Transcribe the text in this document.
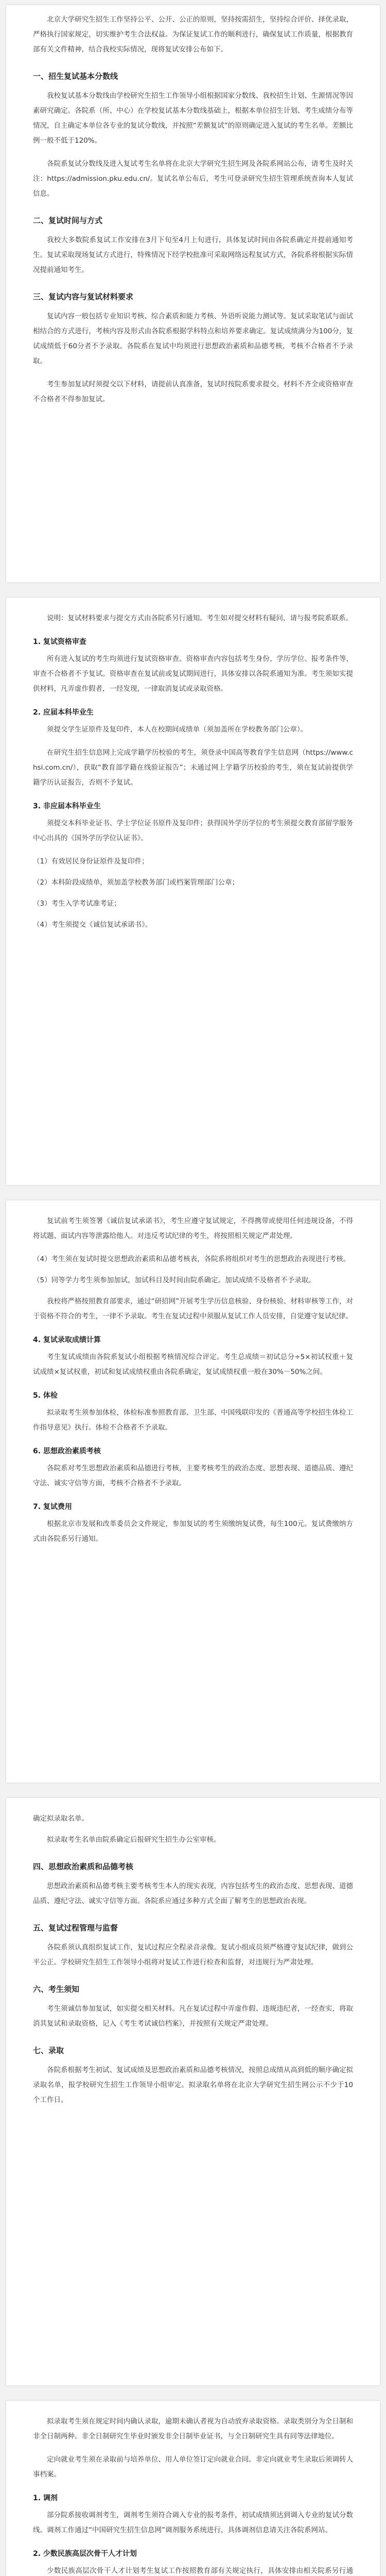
北京大学研究生招生工作坚持公平、公开、公正的原则，坚持按需招生，坚持综合评价、择优录取，严格执行国家规定，切实维护考生合法权益。为保证复试工作的顺利进行，确保复试工作质量，根据教育部有关文件精神，结合我校实际情况，现将复试安排公布如下。

一、招生复试基本分数线

我校复试基本分数线由学校研究生招生工作领导小组根据国家分数线、我校招生计划、生源情况等因素研究确定。各院系（所、中心）在学校复试基本分数线基础上，根据本单位招生计划、考生成绩分布等情况，自主确定本单位各专业的复试分数线，并按照“差额复试”的原则确定进入复试的考生名单。差额比例一般不低于120%。

各院系复试分数线及进入复试考生名单将在北京大学研究生招生网及各院系网站公布，请考生及时关注：https://admission.pku.edu.cn/。复试名单公布后，考生可登录研究生招生管理系统查询本人复试信息。

二、复试时间与方式

我校大多数院系复试工作安排在3月下旬至4月上旬进行，具体复试时间由各院系确定并提前通知考生。复试采取现场复试方式进行，特殊情况下经学校批准可采取网络远程复试方式，各院系将根据实际情况提前通知考生。

三、复试内容与复试材料要求

复试内容一般包括专业知识考核、综合素质和能力考核、外语听说能力测试等。复试采取笔试与面试相结合的方式进行，考核内容及形式由各院系根据学科特点和培养要求确定。复试成绩满分为100分，复试成绩低于60分者不予录取。各院系在复试中均须进行思想政治素质和品德考核，考核不合格者不予录取。

考生参加复试时须提交以下材料，请提前认真准备，复试时按院系要求提交。材料不齐全或资格审查不合格者不得参加复试。

说明：复试材料要求与提交方式由各院系另行通知。考生如对提交材料有疑问，请与报考院系联系。

1. 复试资格审查

所有进入复试的考生均须进行复试资格审查。资格审查内容包括考生身份、学历学位、报考条件等，审查不合格者不予复试。资格审查在复试前或复试期间进行，具体安排以各院系通知为准。考生须如实提供材料，凡弄虚作假者，一经发现，一律取消复试或录取资格。

2. 应届本科毕业生

须提交学生证原件及复印件，本人在校期间成绩单（须加盖所在学校教务部门公章）。

在研究生招生信息网上完成学籍学历校验的考生，须登录中国高等教育学生信息网（https://www.chsi.com.cn/），获取“教育部学籍在线验证报告”；未通过网上学籍学历校验的考生，须在复试前提供学籍学历认证报告，否则不予复试。

3. 非应届本科毕业生

须提交本科毕业证书、学士学位证书原件及复印件；获得国外学历学位的考生须提交教育部留学服务中心出具的《国外学历学位认证书》。

（1）有效居民身份证原件及复印件；

（2）本科阶段成绩单，须加盖学校教务部门或档案管理部门公章；

（3）考生入学考试准考证；

（4）考生须提交《诚信复试承诺书》。

复试前考生须签署《诚信复试承诺书》，考生应遵守复试规定，不得携带或使用任何违规设备，不得将试题、面试内容等泄露给他人。对违反考试纪律的考生，将按照相关规定严肃处理。

（4）考生须在复试时提交思想政治素质和品德考核表，各院系将组织对考生的思想政治表现进行考核。

（5）同等学力考生须参加加试，加试科目及时间由院系确定。加试成绩不及格者不予录取。

我校将严格按照教育部要求，通过“研招网”开展考生学历信息核验、身份核验、材料审核等工作，对于资格不符合的考生，一律不予录取。考生在复试过程中须服从复试工作人员安排，自觉遵守复试纪律。

4. 复试录取成绩计算

考生复试成绩由各院系复试小组根据考核情况综合评定。考生总成绩＝初试总分÷5×初试权重＋复试成绩×复试权重，初试和复试成绩权重由各院系确定，复试成绩权重一般在30%－50%之间。

5. 体检

拟录取考生须参加体检，体检标准参照教育部、卫生部、中国残联印发的《普通高等学校招生体检工作指导意见》执行。体检不合格者不予录取。

6. 思想政治素质考核

各院系对考生思想政治素质和品德进行考核，主要考核考生的政治态度、思想表现、道德品质、遵纪守法、诚实守信等方面，考核不合格者不予录取。

7. 复试费用

根据北京市发展和改革委员会文件规定，参加复试的考生须缴纳复试费，每生100元。复试费缴纳方式由各院系另行通知。

确定拟录取名单。

拟录取考生名单由院系确定后报研究生招生办公室审核。

四、思想政治素质和品德考核

思想政治素质和品德考核主要考核考生本人的现实表现，内容包括考生的政治态度、思想表现、道德品质、遵纪守法、诚实守信等方面。各院系应通过多种方式全面了解考生的思想政治表现。

五、复试过程管理与监督

各院系须认真组织复试工作，复试过程应全程录音录像。复试小组成员须严格遵守复试纪律，做到公平公正。学校研究生招生工作领导小组将对复试工作进行检查和监督，对违规行为严肃处理。

六、考生须知

考生须诚信参加复试，如实提交相关材料。凡在复试过程中弄虚作假、违规违纪者，一经查实，将取消其复试和录取资格，记入《考生考试诚信档案》，并按照有关规定严肃处理。

七、录取

各院系根据考生初试、复试成绩及思想政治素质和品德考核情况，按照总成绩从高到低的顺序确定拟录取名单，报学校研究生招生工作领导小组审定。拟录取名单将在北京大学研究生招生网公示不少于10个工作日。

拟录取考生须在规定时间内确认录取，逾期未确认者视为自动放弃录取资格。录取类别分为全日制和非全日制两种。非全日制研究生毕业时颁发非全日制毕业证书，与全日制研究生具有同等法律地位。

定向就业考生须在录取前与培养单位、用人单位签订定向就业合同。非定向就业考生录取后须调转人事档案。

1. 调剂

部分院系接收调剂考生，调剂考生须符合调入专业的报考条件，初试成绩须达到调入专业的复试分数线。调剂工作通过“中国研究生招生信息网”调剂服务系统进行，具体调剂信息请关注各院系网站。

2. 少数民族高层次骨干人才计划

少数民族高层次骨干人才计划考生复试工作按照教育部有关规定执行，具体安排由相关院系另行通
